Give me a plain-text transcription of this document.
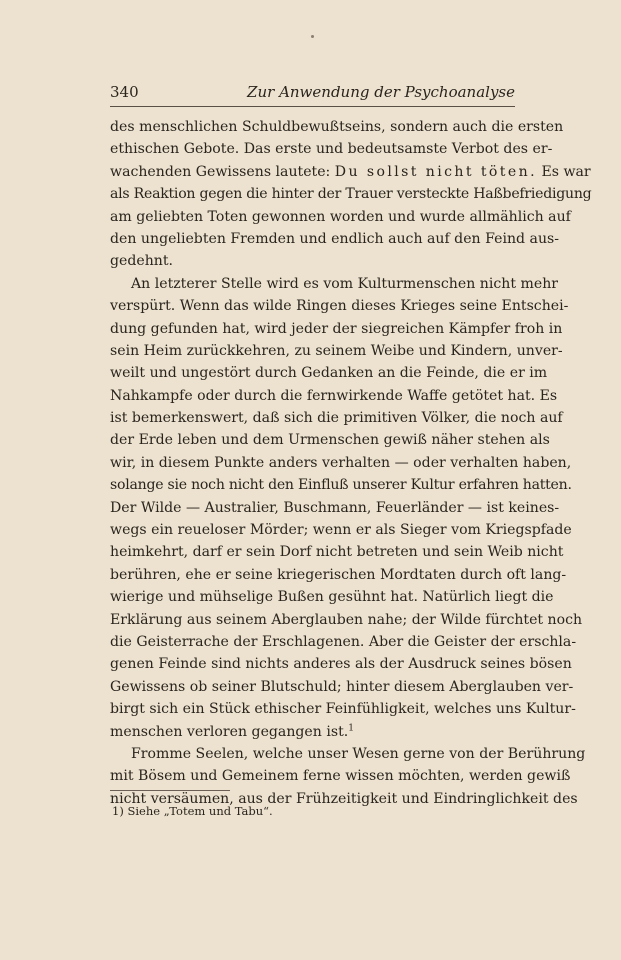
340	Zur Anwendung der Psychoanalyse
des menschlichen Schuldbewußtseins, sondern auch die ersten
ethischen Gebote. Das erste und bedeutsamste Verbot des er-
wachenden Gewissens lautete: Du sollst nicht töten. Es war
als Reaktion gegen die hinter der Trauer versteckte Haßbefriedigung
am geliebten Toten gewonnen worden und wurde allmählich auf
den ungeliebten Fremden und endlich auch auf den Feind aus-
gedehnt.
An letzterer Stelle wird es vom Kulturmenschen nicht mehr
verspürt. Wenn das wilde Ringen dieses Krieges seine Entschei-
dung gefunden hat, wird jeder der siegreichen Kämpfer froh in
sein Heim zurückkehren, zu seinem Weibe und Kindern, unver-
weilt und ungestört durch Gedanken an die Feinde, die er im
Nahkampfe oder durch die fernwirkende Waffe getötet hat. Es
ist bemerkenswert, daß sich die primitiven Völker, die noch auf
der Erde leben und dem Urmenschen gewiß näher stehen als
wir, in diesem Punkte anders verhalten — oder verhalten haben,
solange sie noch nicht den Einfluß unserer Kultur erfahren hatten.
Der Wilde — Australier, Buschmann, Feuerländer — ist keines-
wegs ein reueloser Mörder; wenn er als Sieger vom Kriegspfade
heimkehrt, darf er sein Dorf nicht betreten und sein Weib nicht
berühren, ehe er seine kriegerischen Mordtaten durch oft lang-
wierige und mühselige Bußen gesühnt hat. Natürlich liegt die
Erklärung aus seinem Aberglauben nahe; der Wilde fürchtet noch
die Geisterrache der Erschlagenen. Aber die Geister der erschla-
genen Feinde sind nichts anderes als der Ausdruck seines bösen
Gewissens ob seiner Blutschuld; hinter diesem Aberglauben ver-
birgt sich ein Stück ethischer Feinfühligkeit, welches uns Kultur-
menschen verloren gegangen ist.$^1$
Fromme Seelen, welche unser Wesen gerne von der Berührung
mit Bösem und Gemeinem ferne wissen möchten, werden gewiß
nicht versäumen, aus der Frühzeitigkeit und Eindringlichkeit des
1) Siehe „Totem und Tabu“.
